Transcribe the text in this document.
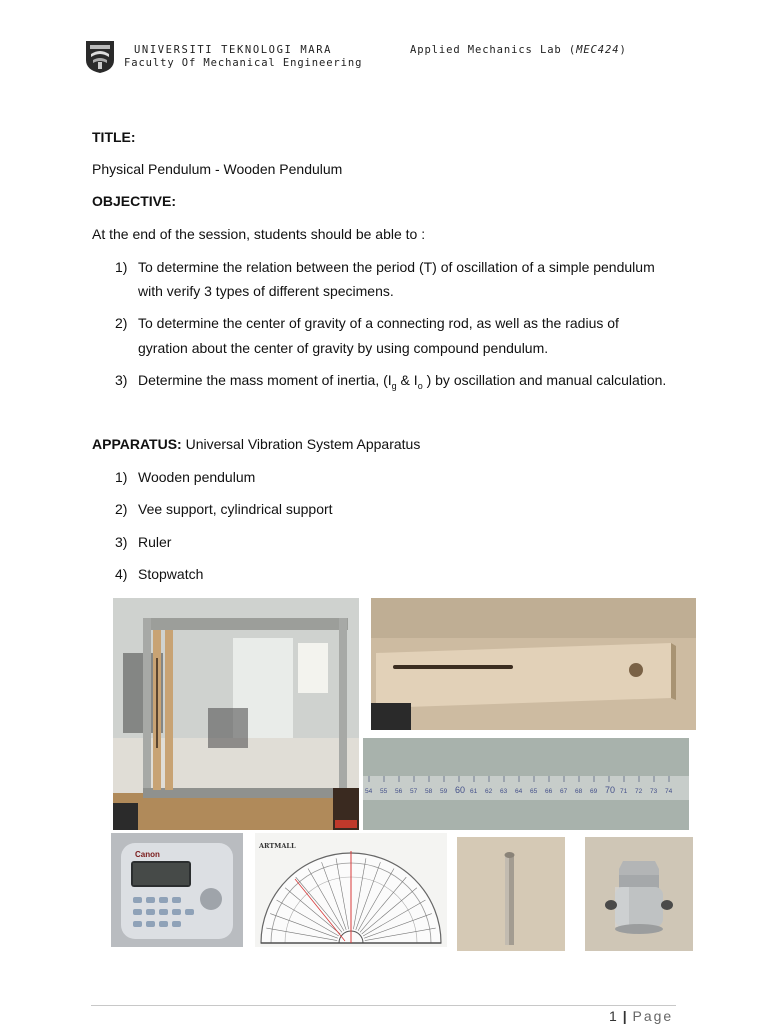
UNIVERSITI TEKNOLOGI MARA
Faculty Of Mechanical Engineering
Applied Mechanics Lab (MEC424)
TITLE:
Physical Pendulum - Wooden Pendulum
OBJECTIVE:
At the end of the session, students should be able to :
1) To determine the relation between the period (T) of oscillation of a simple pendulum
with verify 3 types of different specimens.
2) To determine the center of gravity of a connecting rod, as well as the radius of
gyration about the center of gravity by using compound pendulum.
3) Determine the mass moment of inertia, ($I_g$ & $I_o$ ) by oscillation and manual calculation.
APPARATUS: Universal Vibration System Apparatus
1) Wooden pendulum
2) Vee support, cylindrical support
3) Ruler
4) Stopwatch
54 55 56 57 58 59 60 61 62 63 64 65 66 67 68 69 70 71 72 73 74
Canon
ARTMALL
1 | Page
